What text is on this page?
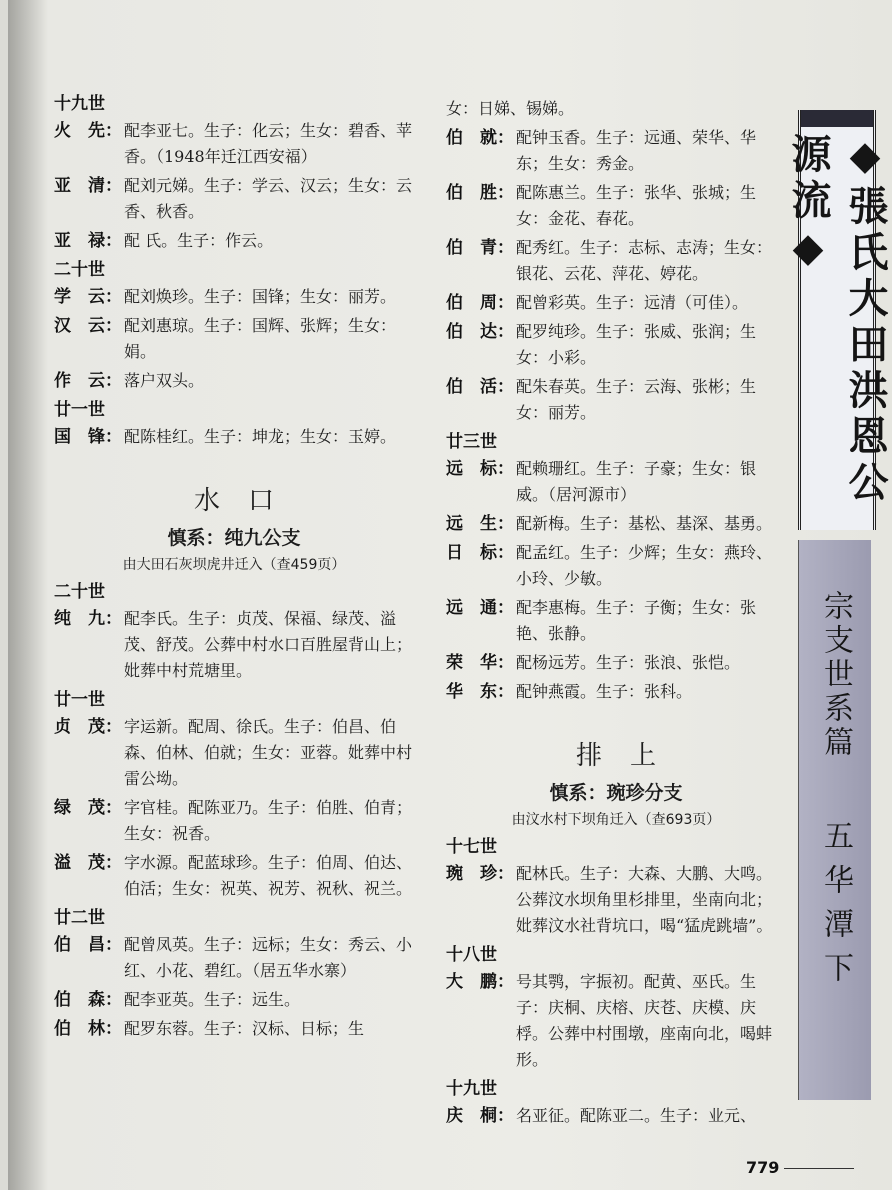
十九世
火　先： 配李亚七。生子：化云；生女：碧香、苹香。（1948年迁江西安福）
亚　清： 配刘元娣。生子：学云、汉云；生女：云香、秋香。
亚　禄： 配 氏。生子：作云。
二十世
学　云： 配刘焕珍。生子：国锋；生女：丽芳。
汉　云： 配刘惠琼。生子：国辉、张辉；生女：娟。
作　云： 落户双头。
廿一世
国　锋： 配陈桂红。生子：坤龙；生女：玉婷。
水口
慎系：纯九公支
由大田石灰坝虎井迁入（查459页）
二十世
纯　九： 配李氏。生子：贞茂、保福、绿茂、溢茂、舒茂。公葬中村水口百胜屋背山上；妣葬中村荒塘里。
廿一世
贞　茂： 字运新。配周、徐氏。生子：伯昌、伯森、伯林、伯就；生女：亚蓉。妣葬中村雷公坳。
绿　茂： 字官桂。配陈亚乃。生子：伯胜、伯青；生女：祝香。
溢　茂： 字水源。配蓝球珍。生子：伯周、伯达、伯活；生女：祝英、祝芳、祝秋、祝兰。
廿二世
伯　昌： 配曾凤英。生子：远标；生女：秀云、小红、小花、碧红。（居五华水寨）
伯　森： 配李亚英。生子：远生。
伯　林： 配罗东蓉。生子：汉标、日标；生
女：日娣、锡娣。
伯　就： 配钟玉香。生子：远通、荣华、华东；生女：秀金。
伯　胜： 配陈惠兰。生子：张华、张城；生女：金花、春花。
伯　青： 配秀红。生子：志标、志涛；生女：银花、云花、萍花、婷花。
伯　周： 配曾彩英。生子：远清（可佳）。
伯　达： 配罗纯珍。生子：张威、张润；生女：小彩。
伯　活： 配朱春英。生子：云海、张彬；生女：丽芳。
廿三世
远　标： 配赖珊红。生子：子豪；生女：银威。（居河源市）
远　生： 配新梅。生子：基松、基深、基勇。
日　标： 配孟红。生子：少辉；生女：燕玲、小玲、少敏。
远　通： 配李惠梅。生子：子衡；生女：张艳、张静。
荣　华： 配杨远芳。生子：张浪、张恺。
华　东： 配钟燕霞。生子：张科。
排上
慎系：琬珍分支
由汶水村下坝角迁入（查693页）
十七世
琬　珍： 配林氏。生子：大森、大鹏、大鸣。公葬汶水坝角里杉排里，坐南向北；妣葬汶水社背坑口，喝“猛虎跳墙”。
十八世
大　鹏： 号其鹗，字振初。配黄、巫氏。生子：庆桐、庆榕、庆苍、庆模、庆桴。公葬中村围墩，座南向北，喝蚌形。
十九世
庆　桐： 名亚征。配陈亚二。生子：业元、
◆張氏大田洪恩公源流◆
宗支世系篇
五华潭下
779
